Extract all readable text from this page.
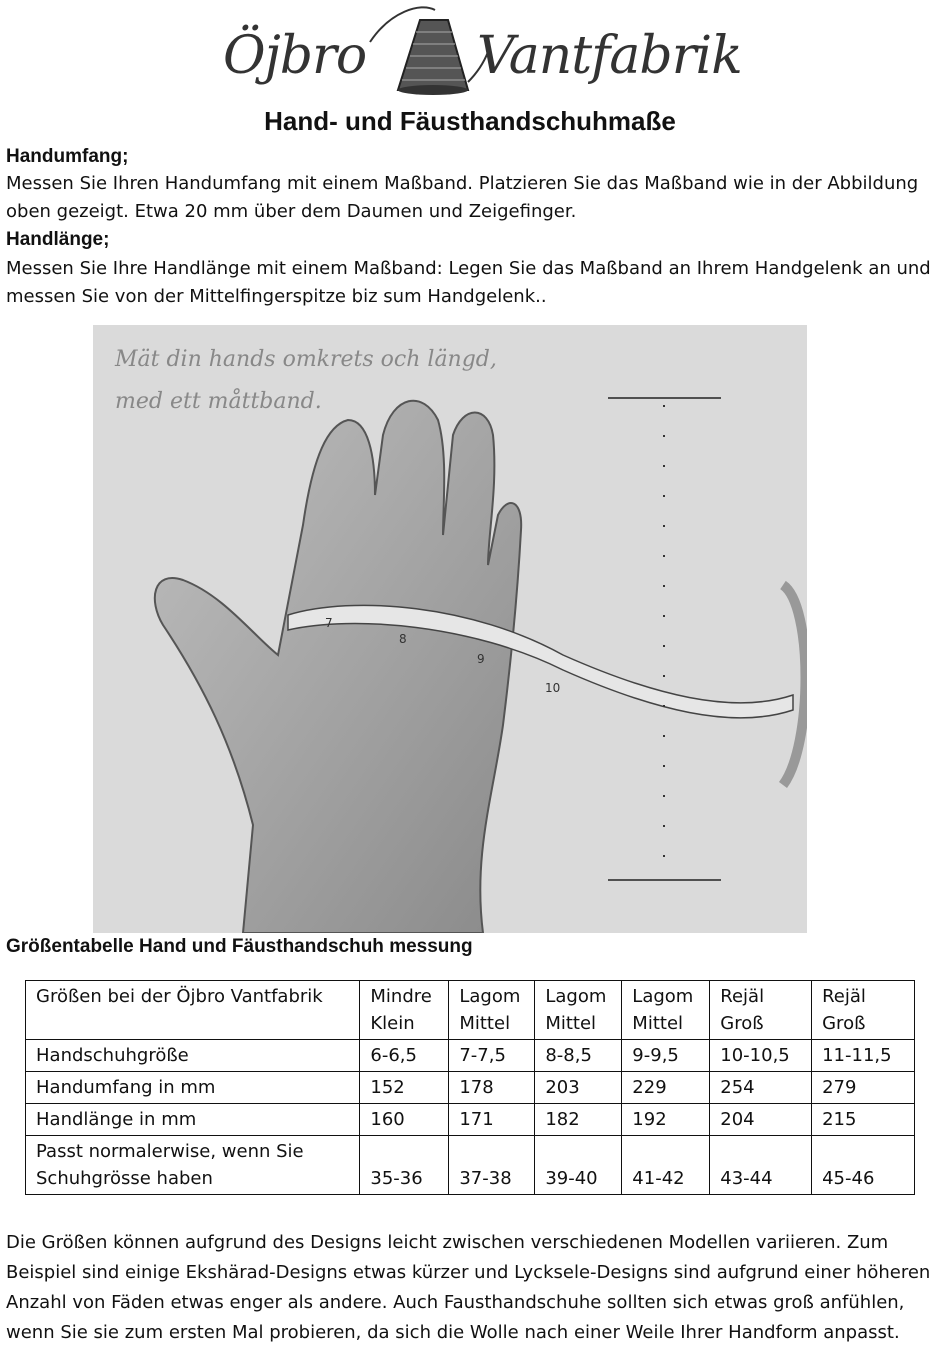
Öjbro Vantfabrik
Hand- und Fäusthandschuhmaße
Handumfang;
Messen Sie Ihren Handumfang mit einem Maßband. Platzieren Sie das Maßband wie in der Abbildung oben gezeigt. Etwa 20 mm über dem Daumen und Zeigefinger.
Handlänge;
Messen Sie Ihre Handlänge mit einem Maßband: Legen Sie das Maßband an Ihrem Handgelenk an und messen Sie von der Mittelfingerspitze biz sum Handgelenk..
Mät din hands omkrets och längd,
med ett måttband.
7
8
9
10
Größentabelle Hand und Fäusthandschuh messung
Größen bei der Öjbro Vantfabrik	Mindre Klein	Lagom Mittel	Lagom Mittel	Lagom Mittel	Rejäl Groß	Rejäl Groß
Handschuhgröße	6-6,5	7-7,5	8-8,5	9-9,5	10-10,5	11-11,5
Handumfang in mm	152	178	203	229	254	279
Handlänge in mm	160	171	182	192	204	215
Passt normalerwise, wenn Sie Schuhgrösse haben	35-36	37-38	39-40	41-42	43-44	45-46
Die Größen können aufgrund des Designs leicht zwischen verschiedenen Modellen variieren. Zum Beispiel sind einige Ekshärad-Designs etwas kürzer und Lycksele-Designs sind aufgrund einer höheren Anzahl von Fäden etwas enger als andere. Auch Fausthandschuhe sollten sich etwas groß anfühlen, wenn Sie sie zum ersten Mal probieren, da sich die Wolle nach einer Weile Ihrer Handform anpasst.
